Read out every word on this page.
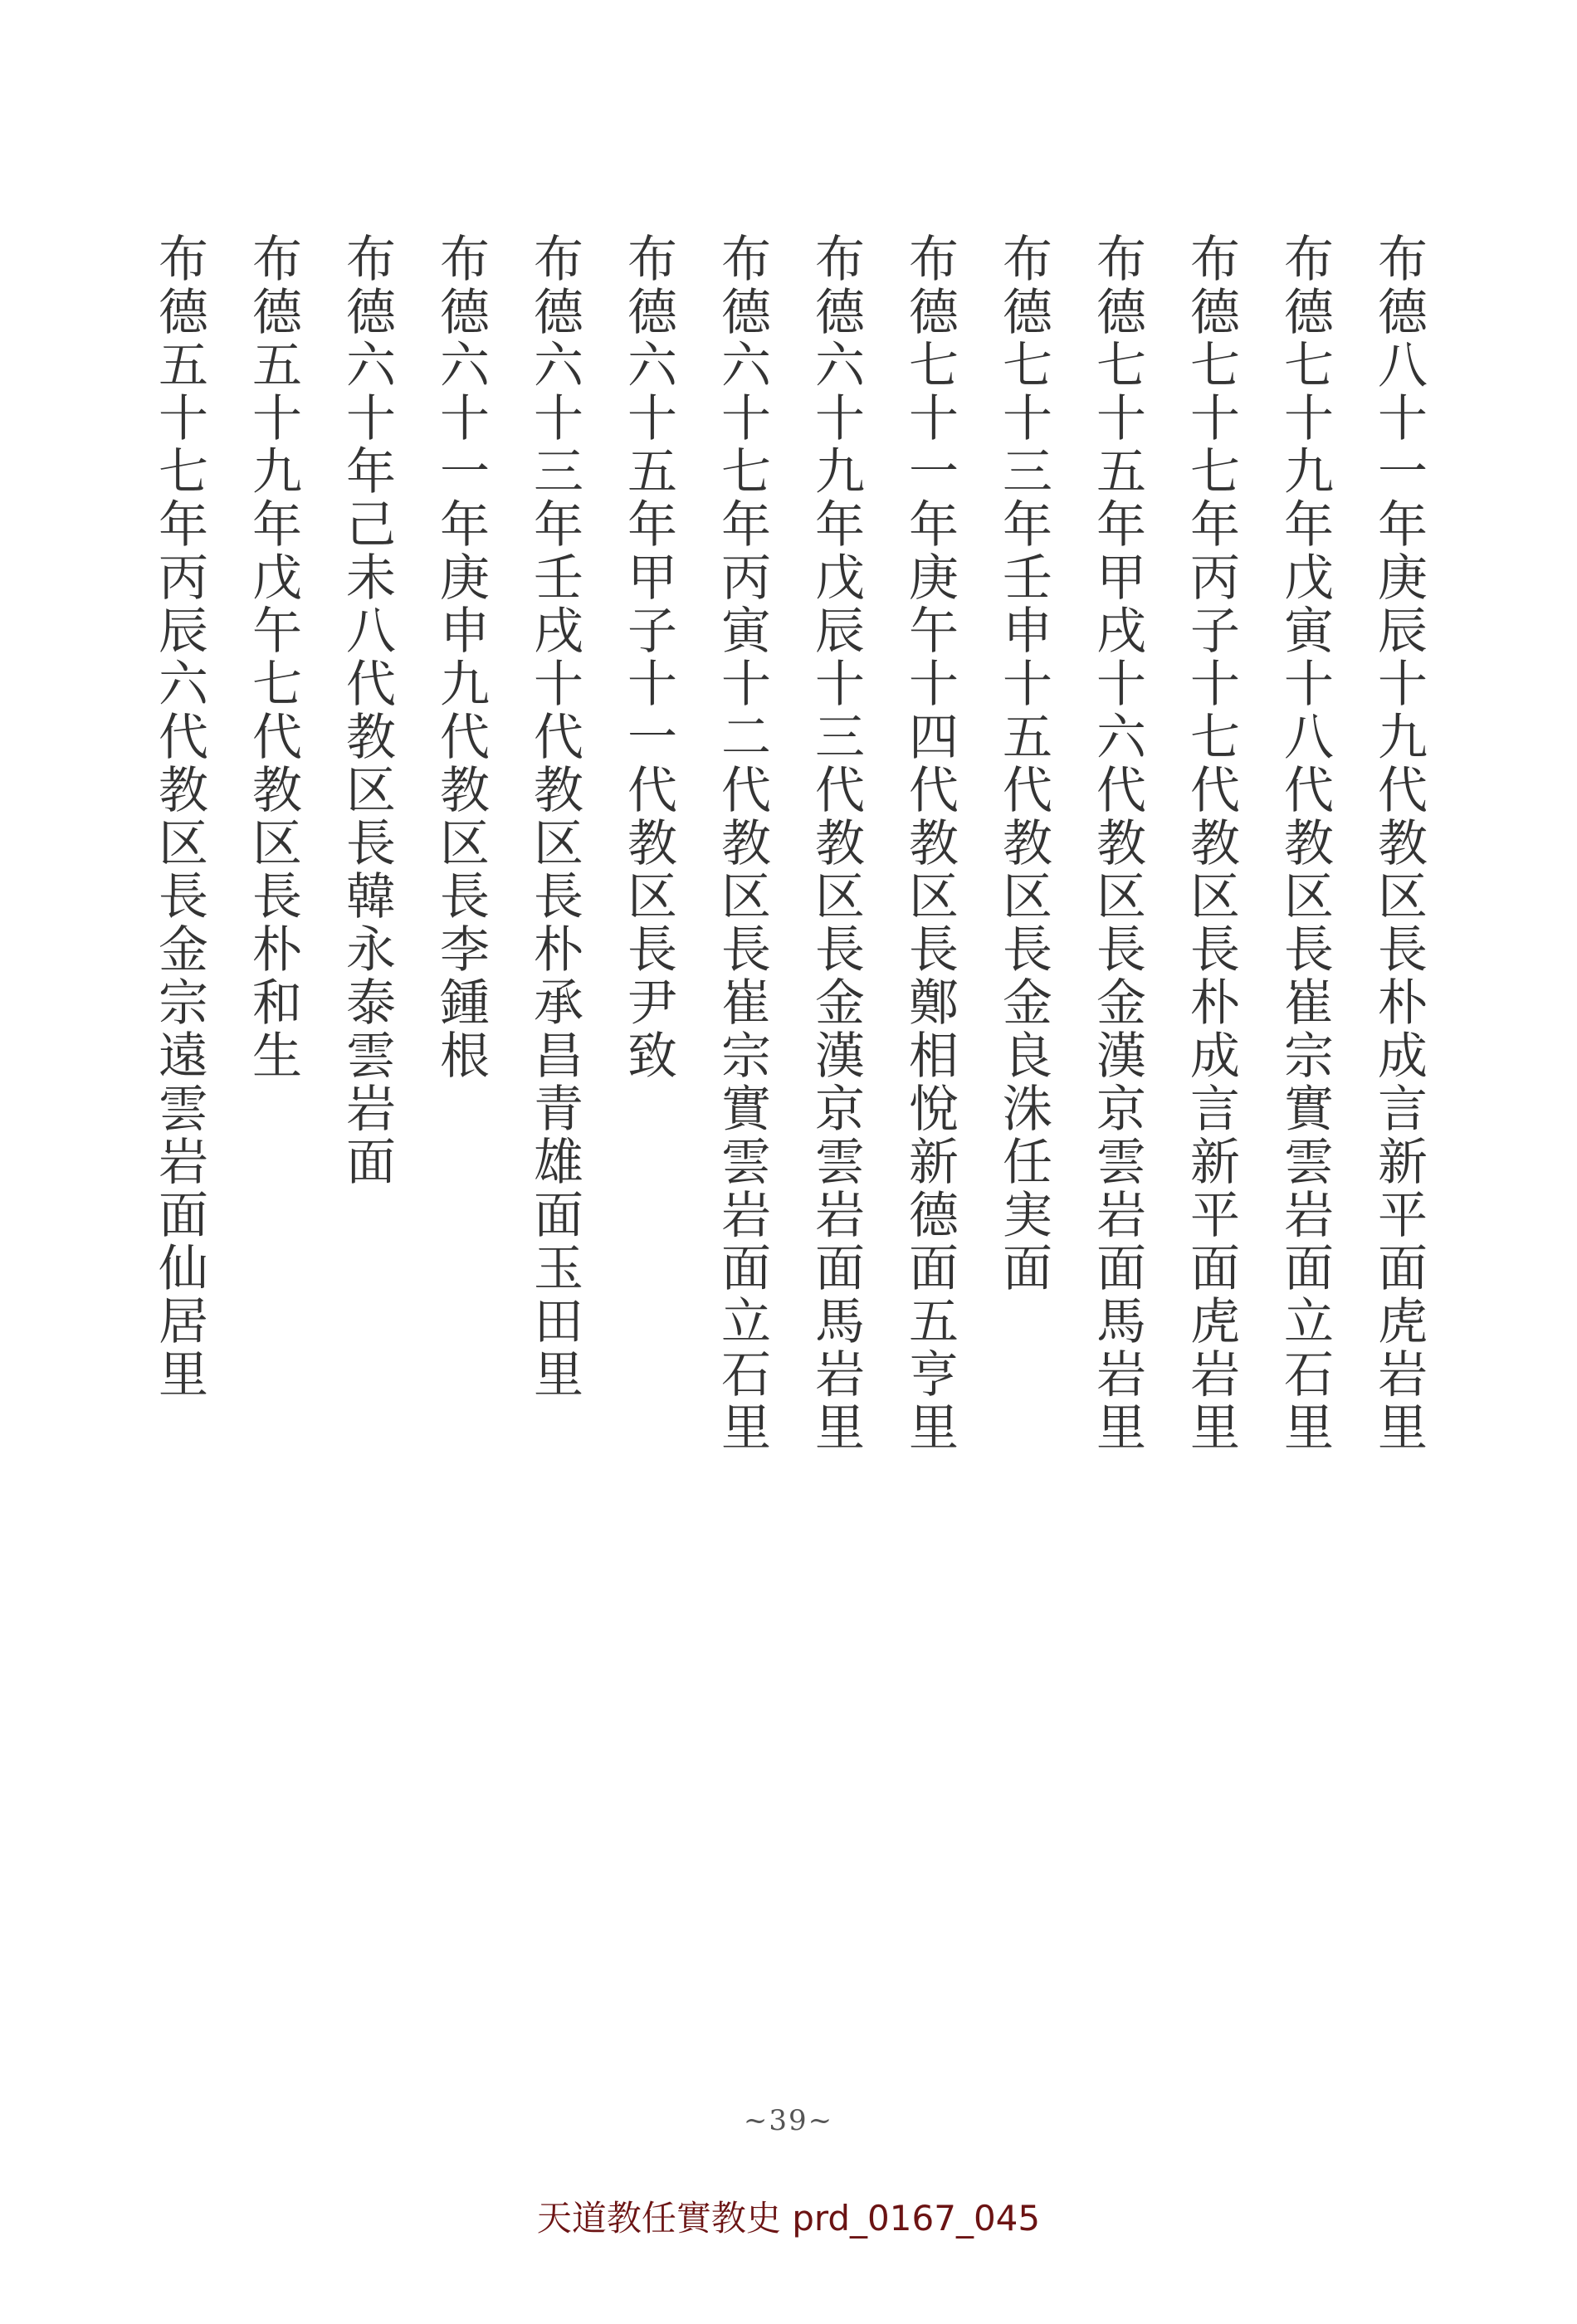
布德八十一年庚辰十九代教区長朴成言新平面虎岩里
布德七十九年戊寅十八代教区長崔宗實雲岩面立石里
布德七十七年丙子十七代教区長朴成言新平面虎岩里
布德七十五年甲戌十六代教区長金漢京雲岩面馬岩里
布德七十三年壬申十五代教区長金良洙任実面
布德七十一年庚午十四代教区長鄭相悅新德面五亨里
布德六十九年戊辰十三代教区長金漢京雲岩面馬岩里
布德六十七年丙寅十二代教区長崔宗實雲岩面立石里
布德六十五年甲子十一代教区長尹致
布德六十三年壬戌十代教区長朴承昌青雄面玉田里
布德六十一年庚申九代教区長李鍾根
布德六十年己未八代教区長韓永泰雲岩面
布德五十九年戊午七代教区長朴和生
布德五十七年丙辰六代教区長金宗遠雲岩面仙居里
~39~
天道教任實教史 prd_0167_045
